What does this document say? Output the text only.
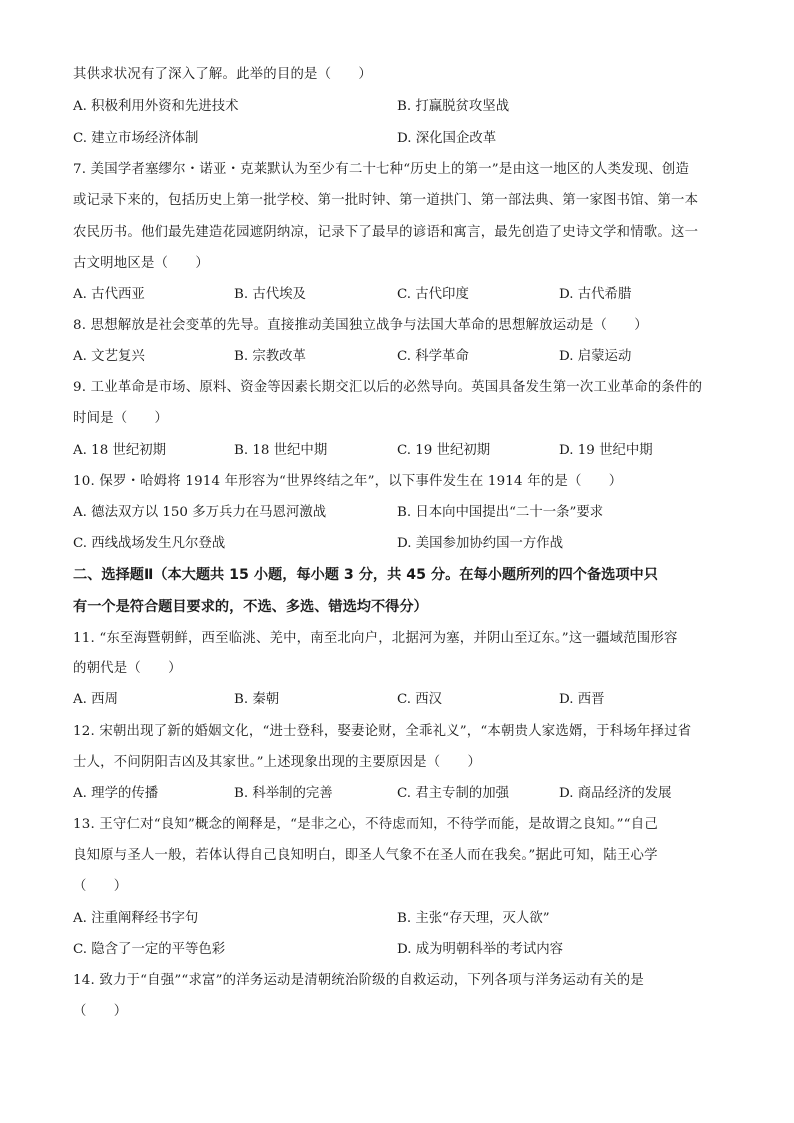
其供求状况有了深入了解。此举的目的是（　　）
A. 积极利用外资和先进技术	B. 打赢脱贫攻坚战
C. 建立市场经济体制	D. 深化国企改革
7. 美国学者塞缪尔・诺亚・克莱默认为至少有二十七种“历史上的第一”是由这一地区的人类发现、创造
或记录下来的，包括历史上第一批学校、第一批时钟、第一道拱门、第一部法典、第一家图书馆、第一本
农民历书。他们最先建造花园遮阴纳凉，记录下了最早的谚语和寓言，最先创造了史诗文学和情歌。这一
古文明地区是（　　）
A. 古代西亚	B. 古代埃及	C. 古代印度	D. 古代希腊
8. 思想解放是社会变革的先导。直接推动美国独立战争与法国大革命的思想解放运动是（　　）
A. 文艺复兴	B. 宗教改革	C. 科学革命	D. 启蒙运动
9. 工业革命是市场、原料、资金等因素长期交汇以后的必然导向。英国具备发生第一次工业革命的条件的
时间是（　　）
A. 18 世纪初期	B. 18 世纪中期	C. 19 世纪初期	D. 19 世纪中期
10. 保罗・哈姆将 1914 年形容为“世界终结之年”，以下事件发生在 1914 年的是（　　）
A. 德法双方以 150 多万兵力在马恩河激战	B. 日本向中国提出“二十一条”要求
C. 西线战场发生凡尔登战	D. 美国参加协约国一方作战
二、选择题Ⅱ（本大题共 15 小题，每小题 3 分，共 45 分。在每小题所列的四个备选项中只
有一个是符合题目要求的，不选、多选、错选均不得分）
11. “东至海暨朝鲜，西至临洮、羌中，南至北向户，北据河为塞，并阴山至辽东。”这一疆域范围形容
的朝代是（　　）
A. 西周	B. 秦朝	C. 西汉	D. 西晋
12. 宋朝出现了新的婚姻文化，“进士登科，娶妻论财，全乖礼义”，“本朝贵人家选婿，于科场年择过省
士人，不问阴阳吉凶及其家世。”上述现象出现的主要原因是（　　）
A. 理学的传播	B. 科举制的完善	C. 君主专制的加强	D. 商品经济的发展
13. 王守仁对“良知”概念的阐释是，“是非之心，不待虑而知，不待学而能，是故谓之良知。”“自己
良知原与圣人一般，若体认得自己良知明白，即圣人气象不在圣人而在我矣。”据此可知，陆王心学
（　　）
A. 注重阐释经书字句	B. 主张“存天理，灭人欲”
C. 隐含了一定的平等色彩	D. 成为明朝科举的考试内容
14. 致力于“自强”“求富”的洋务运动是清朝统治阶级的自救运动，下列各项与洋务运动有关的是
（　　）
